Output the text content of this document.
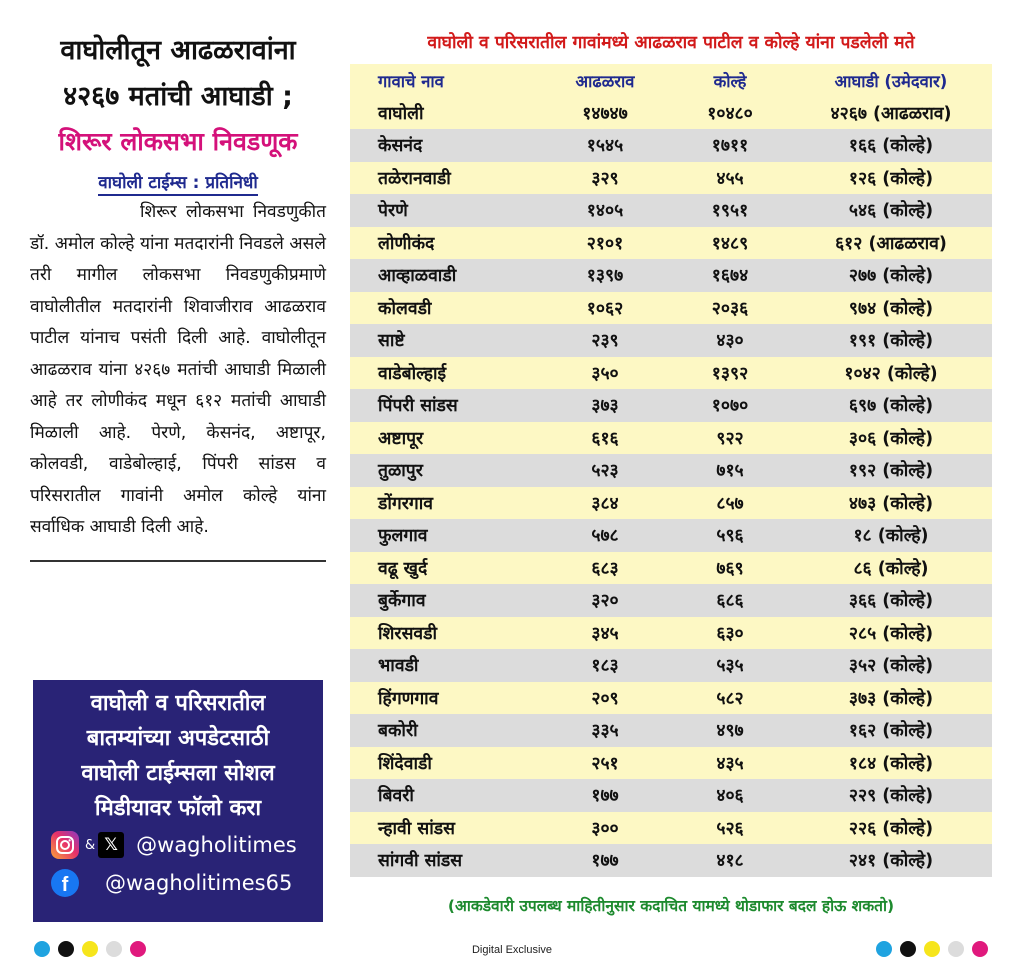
वाघोलीतून आढळरावांना
४२६७ मतांची आघाडी ;
शिरूर लोकसभा निवडणूक
वाघोली टाईम्स : प्रतिनिधी
शिरूर लोकसभा निवडणुकीत डॉ. अमोल कोल्हे यांना मतदारांनी निवडले असले तरी मागील लोकसभा निवडणुकीप्रमाणे वाघोलीतील मतदारांनी शिवाजीराव आढळराव पाटील यांनाच पसंती दिली आहे. वाघोलीतून आढळराव यांना ४२६७ मतांची आघाडी मिळाली आहे तर लोणीकंद मधून ६१२ मतांची आघाडी मिळाली आहे. पेरणे, केसनंद, अष्टापूर, कोलवडी, वाडेबोल्हाई, पिंपरी सांडस व परिसरातील गावांनी अमोल कोल्हे यांना सर्वाधिक आघाडी दिली आहे.
वाघोली व परिसरातील
बातम्यांच्या अपडेटसाठी
वाघोली टाईम्सला सोशल
मिडीयावर फॉलो करा
& 𝕏 @wagholitimes
f	@wagholitimes65
वाघोली व परिसरातील गावांमध्ये आढळराव पाटील व कोल्हे यांना पडलेली मते
गावाचे नाव	आढळराव	कोल्हे	आघाडी (उमेदवार)
वाघोली	१४७४७	१०४८०	४२६७ (आढळराव)
केसनंद	१५४५	१७११	१६६ (कोल्हे)
तळेरानवाडी	३२९	४५५	१२६ (कोल्हे)
पेरणे	१४०५	१९५१	५४६ (कोल्हे)
लोणीकंद	२१०१	१४८९	६१२ (आढळराव)
आव्हाळवाडी	१३९७	१६७४	२७७ (कोल्हे)
कोलवडी	१०६२	२०३६	९७४ (कोल्हे)
साष्टे	२३९	४३०	१९१ (कोल्हे)
वाडेबोल्हाई	३५०	१३९२	१०४२ (कोल्हे)
पिंपरी सांडस	३७३	१०७०	६९७ (कोल्हे)
अष्टापूर	६१६	९२२	३०६ (कोल्हे)
तुळापुर	५२३	७१५	१९२ (कोल्हे)
डोंगरगाव	३८४	८५७	४७३ (कोल्हे)
फुलगाव	५७८	५९६	१८ (कोल्हे)
वढू खुर्द	६८३	७६९	८६ (कोल्हे)
बुर्केगाव	३२०	६८६	३६६ (कोल्हे)
शिरसवडी	३४५	६३०	२८५ (कोल्हे)
भावडी	१८३	५३५	३५२ (कोल्हे)
हिंगणगाव	२०९	५८२	३७३ (कोल्हे)
बकोरी	३३५	४९७	१६२ (कोल्हे)
शिंदेवाडी	२५१	४३५	१८४ (कोल्हे)
बिवरी	१७७	४०६	२२९ (कोल्हे)
न्हावी सांडस	३००	५२६	२२६ (कोल्हे)
सांगवी सांडस	१७७	४१८	२४१ (कोल्हे)
(आकडेवारी उपलब्ध माहितीनुसार कदाचित यामध्ये थोडाफार बदल होऊ शकतो)
Digital Exclusive
